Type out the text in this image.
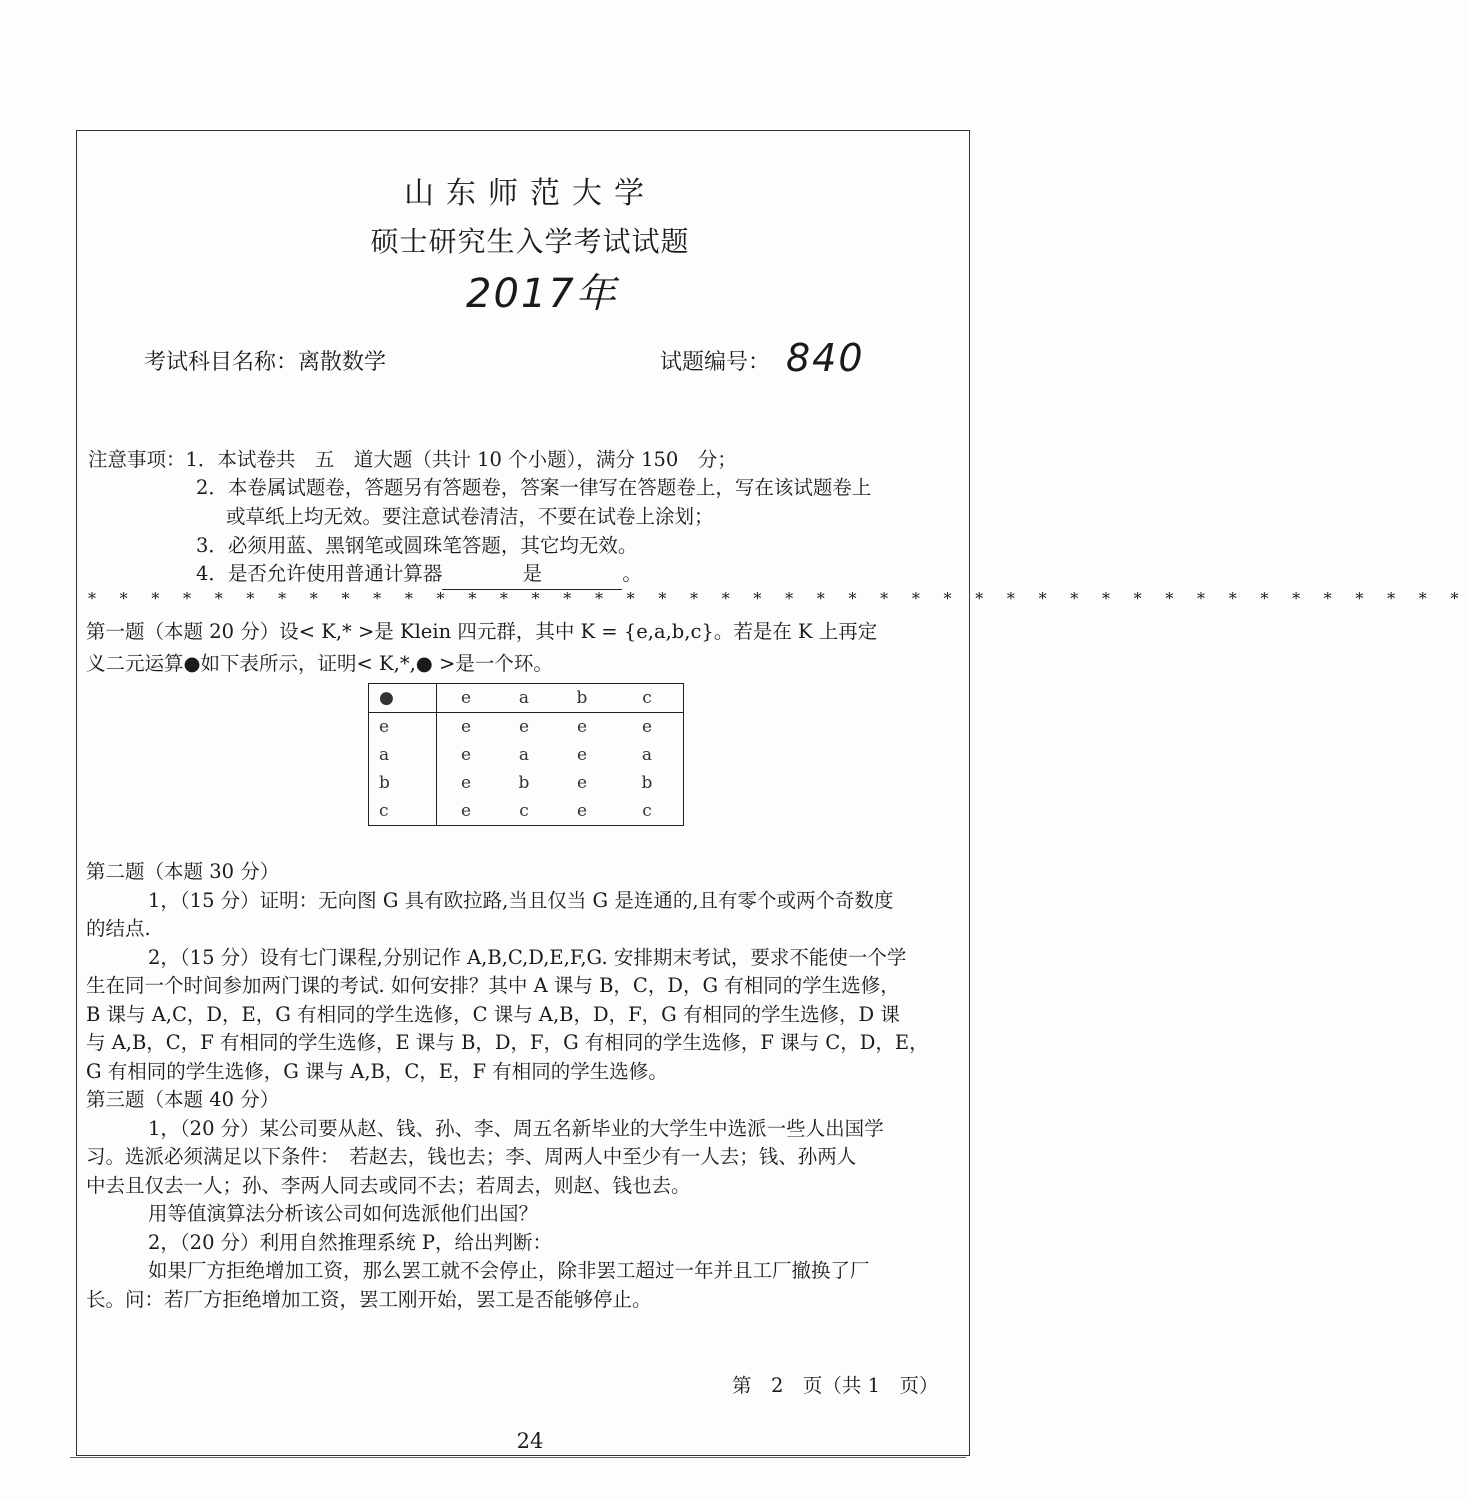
山东师范大学
硕士研究生入学考试试题
2017年
考试科目名称：离散数学	试题编号： 840
注意事项：1．本试卷共　五　道大题（共计 10 个小题），满分 150　分；
2．本卷属试题卷，答题另有答题卷，答案一律写在答题卷上，写在该试题卷上
或草纸上均无效。要注意试卷清洁，不要在试卷上涂划；
3．必须用蓝、黑钢笔或圆珠笔答题，其它均无效。
4．是否允许使用普通计算器	是	。
* * * * * * * * * * * * * * * * * * * * * * * * * * * * * * * * * * * * * * * * * * * *
第一题（本题 20 分）设< K,* >是 Klein 四元群，其中 K = {e,a,b,c}。若是在 K 上再定
义二元运算●如下表所示，证明< K,*,● >是一个环。
●	e	a	b	c
e	e	e	e	e
a	e	a	e	a
b	e	b	e	b
c	e	c	e	c
第二题（本题 30 分）
1，（15 分）证明：无向图 G 具有欧拉路,当且仅当 G 是连通的,且有零个或两个奇数度
的结点.
2，（15 分）设有七门课程,分别记作 A,B,C,D,E,F,G. 安排期末考试，要求不能使一个学
生在同一个时间参加两门课的考试. 如何安排？其中 A 课与 B，C，D，G 有相同的学生选修，
B 课与 A,C，D，E，G 有相同的学生选修，C 课与 A,B，D，F，G 有相同的学生选修，D 课
与 A,B，C，F 有相同的学生选修，E 课与 B，D，F，G 有相同的学生选修，F 课与 C，D，E，
G 有相同的学生选修，G 课与 A,B，C，E，F 有相同的学生选修。
第三题（本题 40 分）
1，（20 分）某公司要从赵、钱、孙、李、周五名新毕业的大学生中选派一些人出国学
习。选派必须满足以下条件：　若赵去，钱也去；李、周两人中至少有一人去；钱、孙两人
中去且仅去一人；孙、李两人同去或同不去；若周去，则赵、钱也去。
用等值演算法分析该公司如何选派他们出国？
2，（20 分）利用自然推理系统 P，给出判断：
如果厂方拒绝增加工资，那么罢工就不会停止，除非罢工超过一年并且工厂撤换了厂
长。问：若厂方拒绝增加工资，罢工刚开始，罢工是否能够停止。
第　2　页（共 1　页）
24
